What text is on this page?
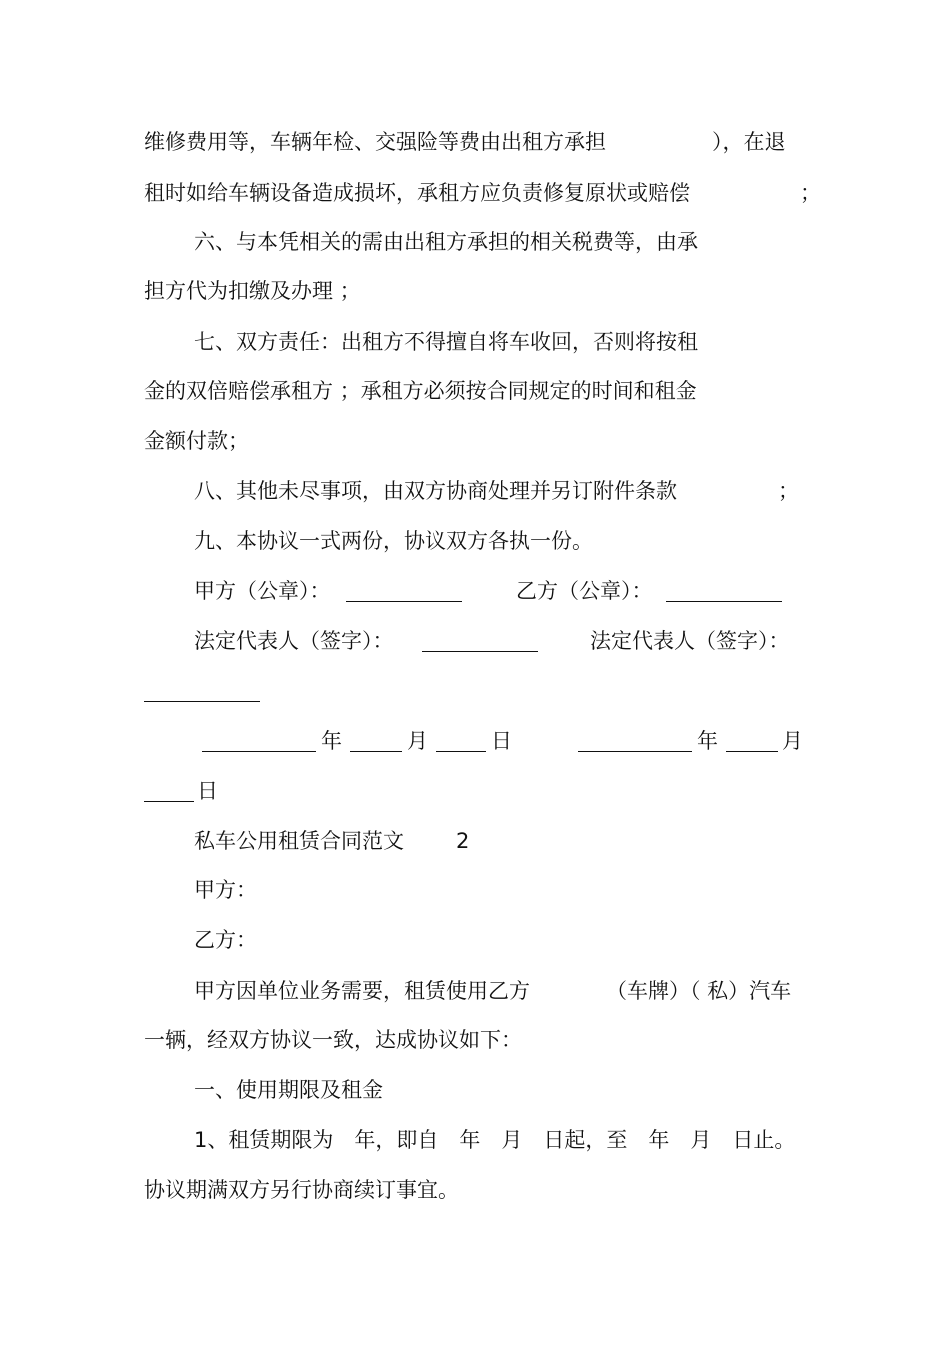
维修费用等，车辆年检、交强险等费由出租方承担

	），在退

租时如给车辆设备造成损坏，承租方应负责修复原状或赔偿

	；

六、与本凭相关的需由出租方承担的相关税费等，由承

担方代为扣缴及办理 ；

七、双方责任：出租方不得擅自将车收回，否则将按租

金的双倍赔偿承租方 ；承租方必须按合同规定的时间和租金

金额付款；

八、其他未尽事项，由双方协商处理并另订附件条款

	；

九、本协议一式两份，协议双方各执一份。

甲方（公章）：

	乙方（公章）：

法定代表人（签字）：

	法定代表人（签字）：

年

	月

	日

	年

	月

日

私车公用租赁合同范文

2

甲方：

乙方：

甲方因单位业务需要，租赁使用乙方

	（车牌）（ 私）汽车

一辆，经双方协议一致，达成协议如下：

一、使用期限及租金

1、租赁期限为　年，即自　年　月　日起，至　年　月　日止。

协议期满双方另行协商续订事宜。
